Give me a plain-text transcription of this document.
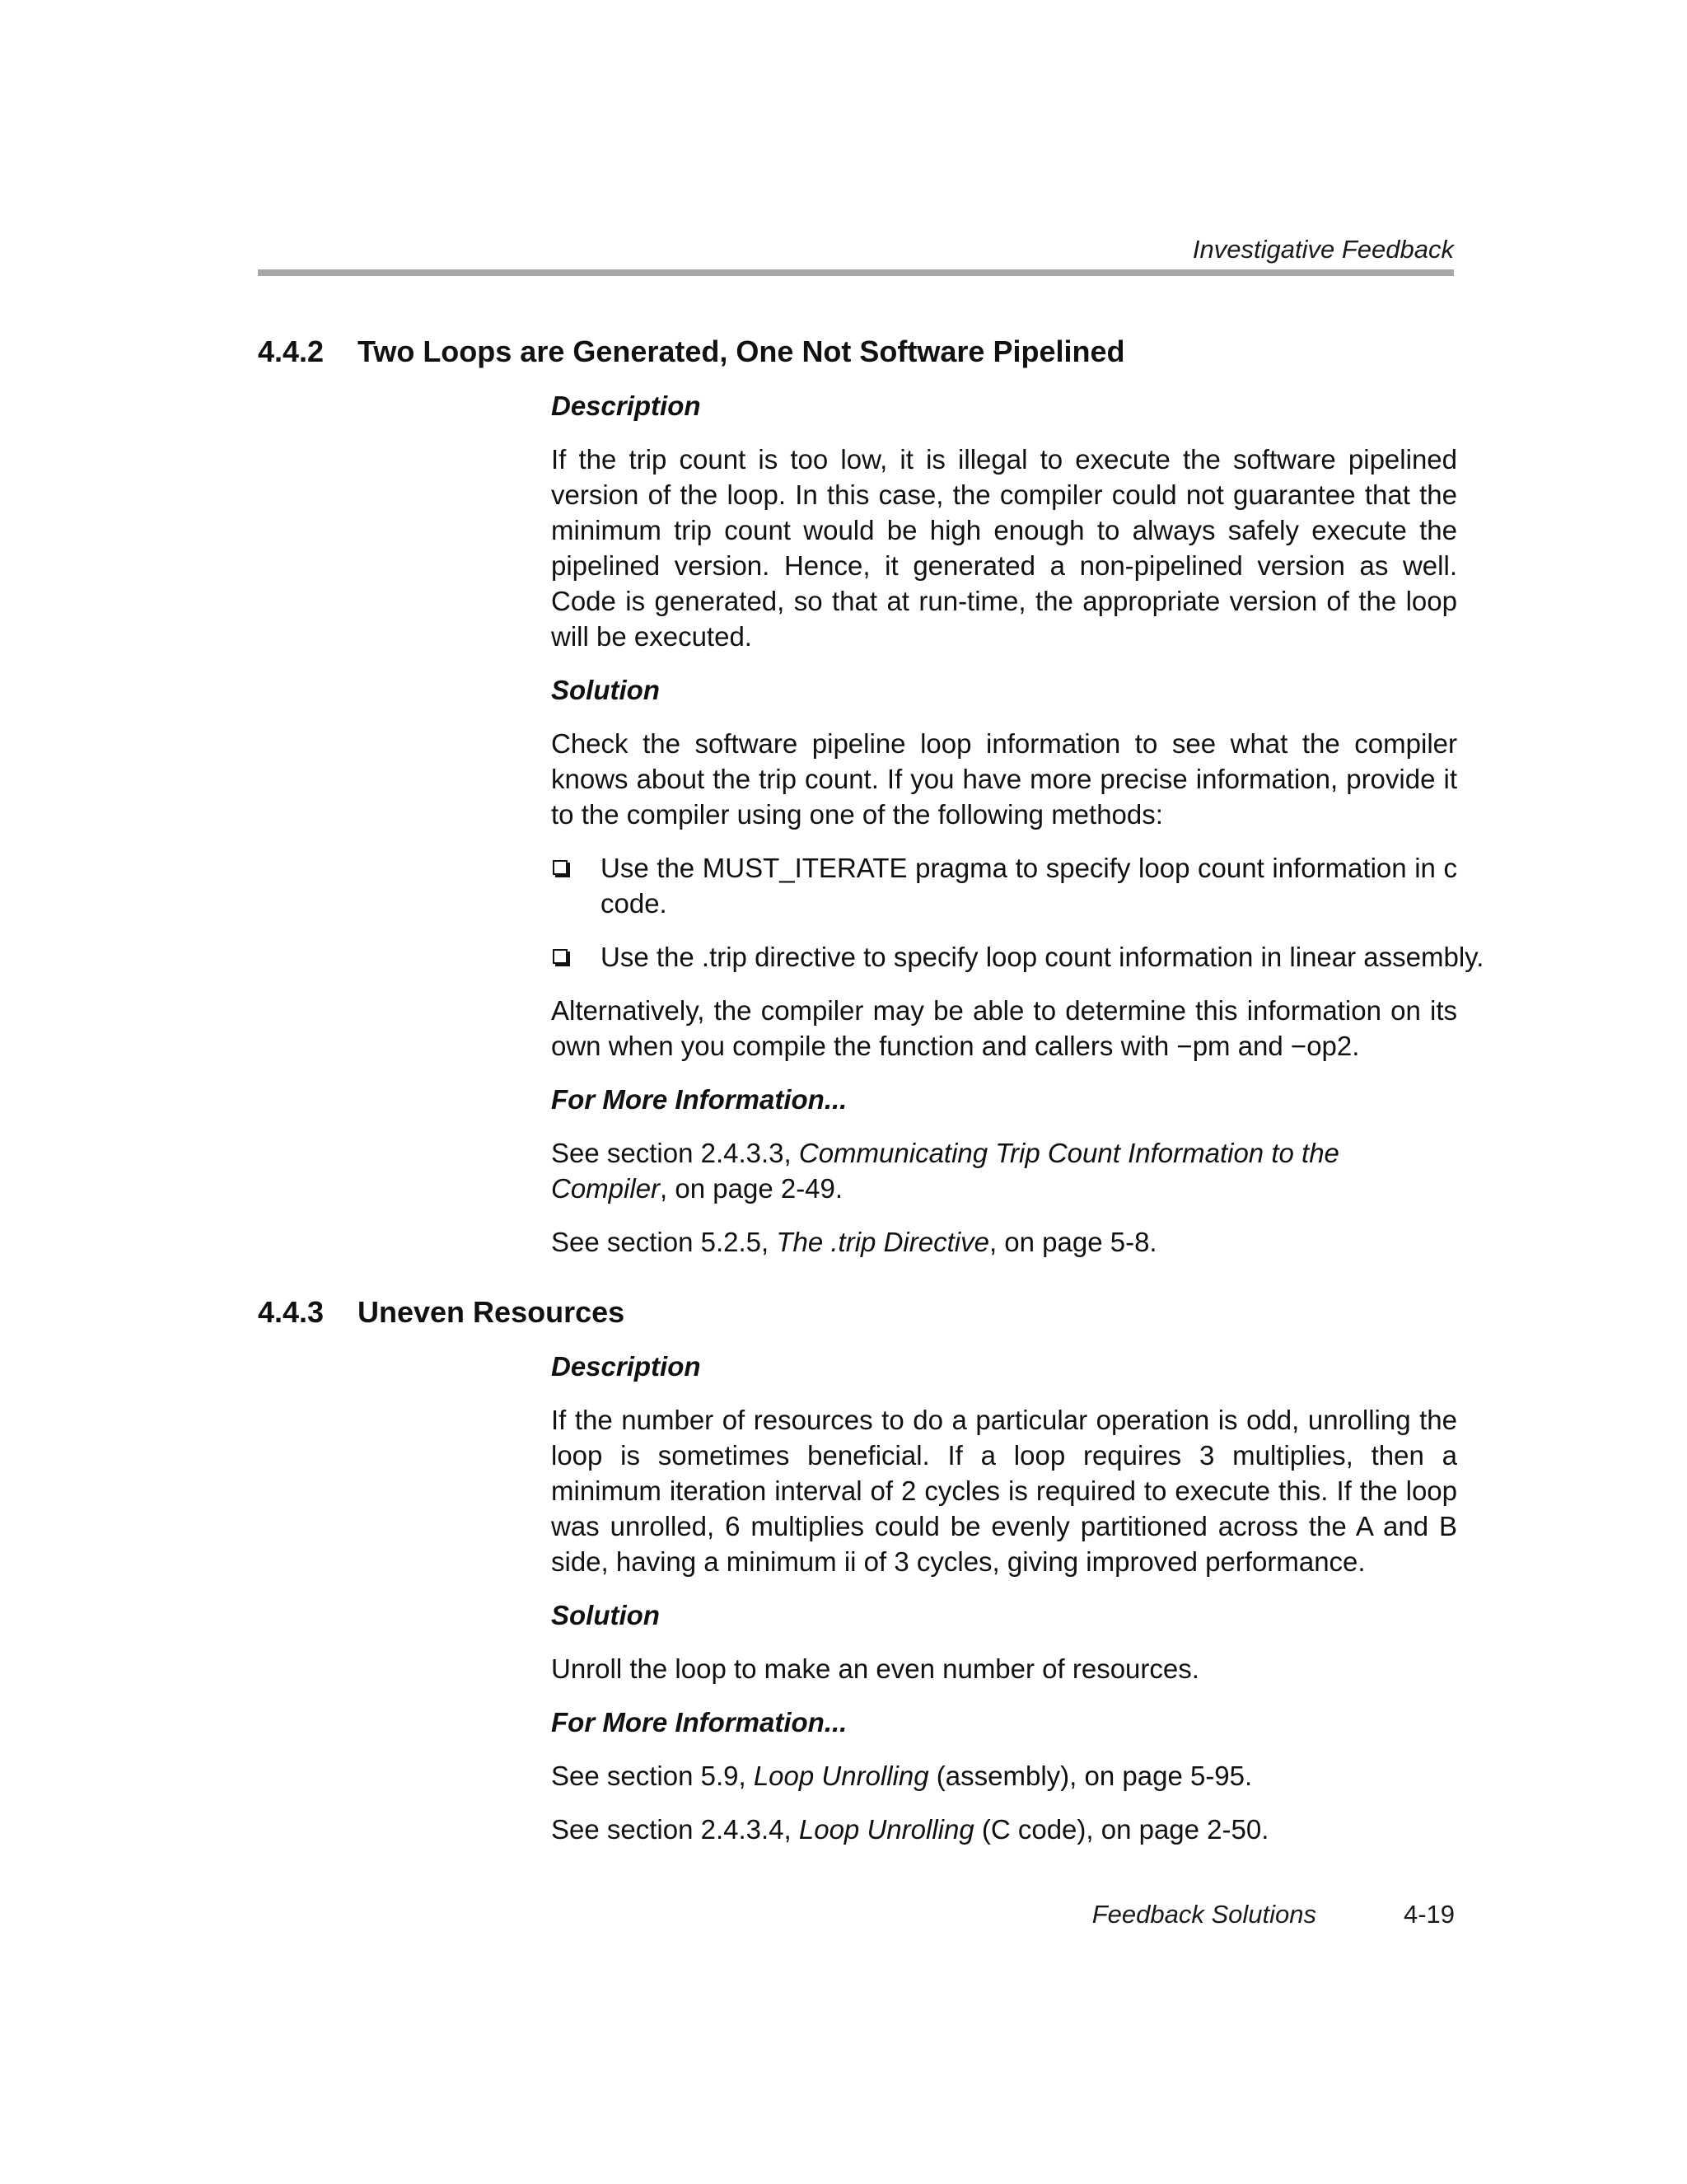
Investigative Feedback
4.4.2 Two Loops are Generated, One Not Software Pipelined
Description
If the trip count is too low, it is illegal to execute the software pipelined version of the loop. In this case, the compiler could not guarantee that the minimum trip count would be high enough to always safely execute the pipelined version. Hence, it generated a non-pipelined version as well. Code is generated, so that at run-time, the appropriate version of the loop will be executed.
Solution
Check the software pipeline loop information to see what the compiler knows about the trip count. If you have more precise information, provide it to the compiler using one of the following methods:
Use the MUST_ITERATE pragma to specify loop count information in c code.
Use the .trip directive to specify loop count information in linear assembly.
Alternatively, the compiler may be able to determine this information on its own when you compile the function and callers with −pm and −op2.
For More Information...
See section 2.4.3.3, Communicating Trip Count Information to the Compiler, on page 2-49.
See section 5.2.5, The .trip Directive, on page 5-8.
4.4.3 Uneven Resources
Description
If the number of resources to do a particular operation is odd, unrolling the loop is sometimes beneficial. If a loop requires 3 multiplies, then a minimum iteration interval of 2 cycles is required to execute this. If the loop was unrolled, 6 multiplies could be evenly partitioned across the A and B side, having a minimum ii of 3 cycles, giving improved performance.
Solution
Unroll the loop to make an even number of resources.
For More Information...
See section 5.9, Loop Unrolling (assembly), on page 5-95.
See section 2.4.3.4, Loop Unrolling (C code), on page 2-50.
Feedback Solutions	4-19
